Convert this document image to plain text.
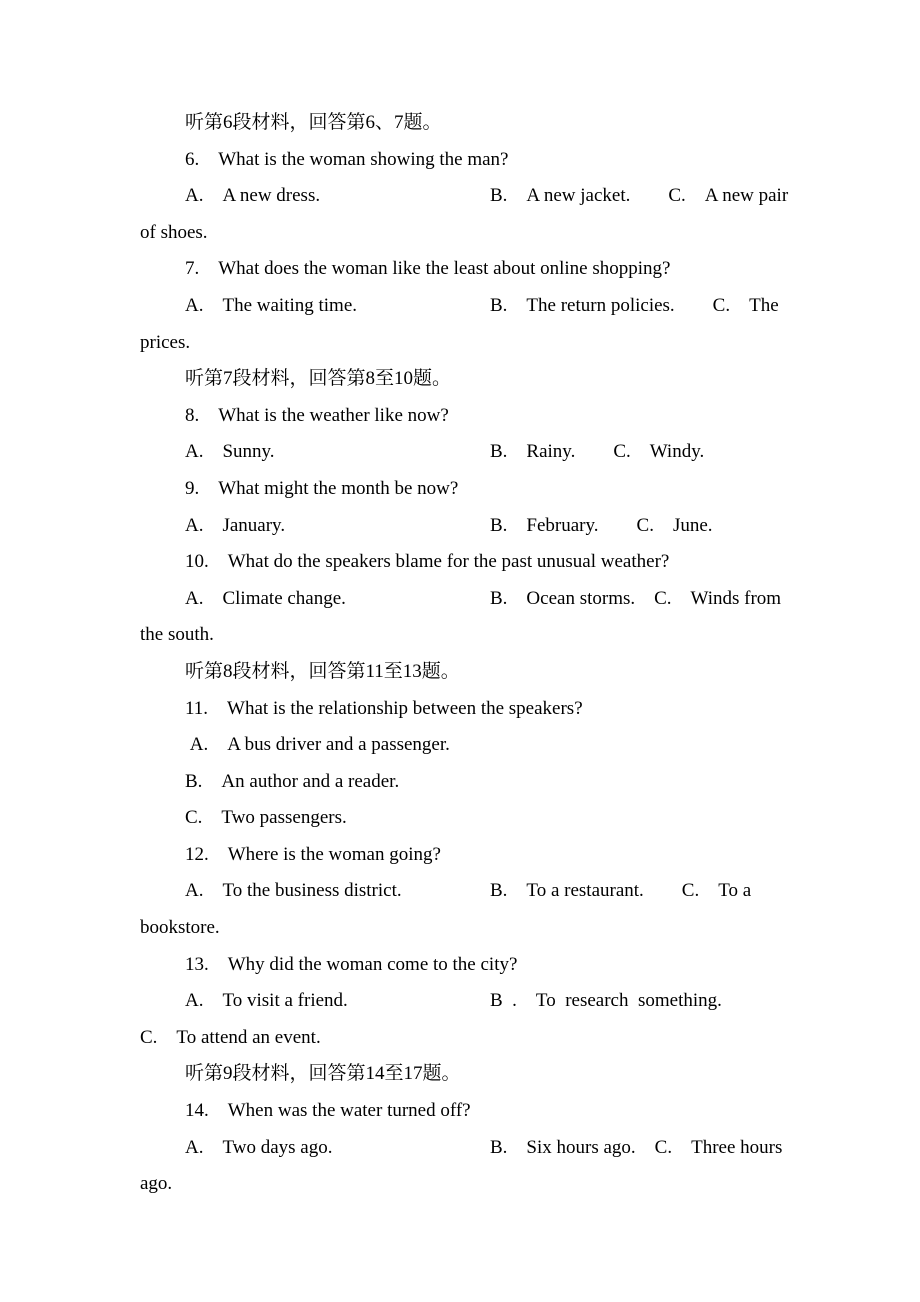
听第6段材料，回答第6、7题。
6. What is the woman showing the man?
A. A new dress.	B. A new jacket.  C. A new pair
of shoes.
7. What does the woman like the least about online shopping?
A. The waiting time.	B. The return policies.  C. The
prices.
听第7段材料，回答第8至10题。
8. What is the weather like now?
A. Sunny.	B. Rainy.  C. Windy.
9. What might the month be now?
A. January.	B. February.  C. June.
10. What do the speakers blame for the past unusual weather?
A. Climate change.	B. Ocean storms. C. Winds from
the south.
听第8段材料，回答第11至13题。
11. What is the relationship between the speakers?
A. A bus driver and a passenger.
B. An author and a reader.
C. Two passengers.
12. Where is the woman going?
A. To the business district.	B. To a restaurant.  C. To a
bookstore.
13. Why did the woman come to the city?
A. To visit a friend.	B . To research something.
C. To attend an event.
听第9段材料，回答第14至17题。
14. When was the water turned off?
A. Two days ago.	B. Six hours ago. C. Three hours
ago.
